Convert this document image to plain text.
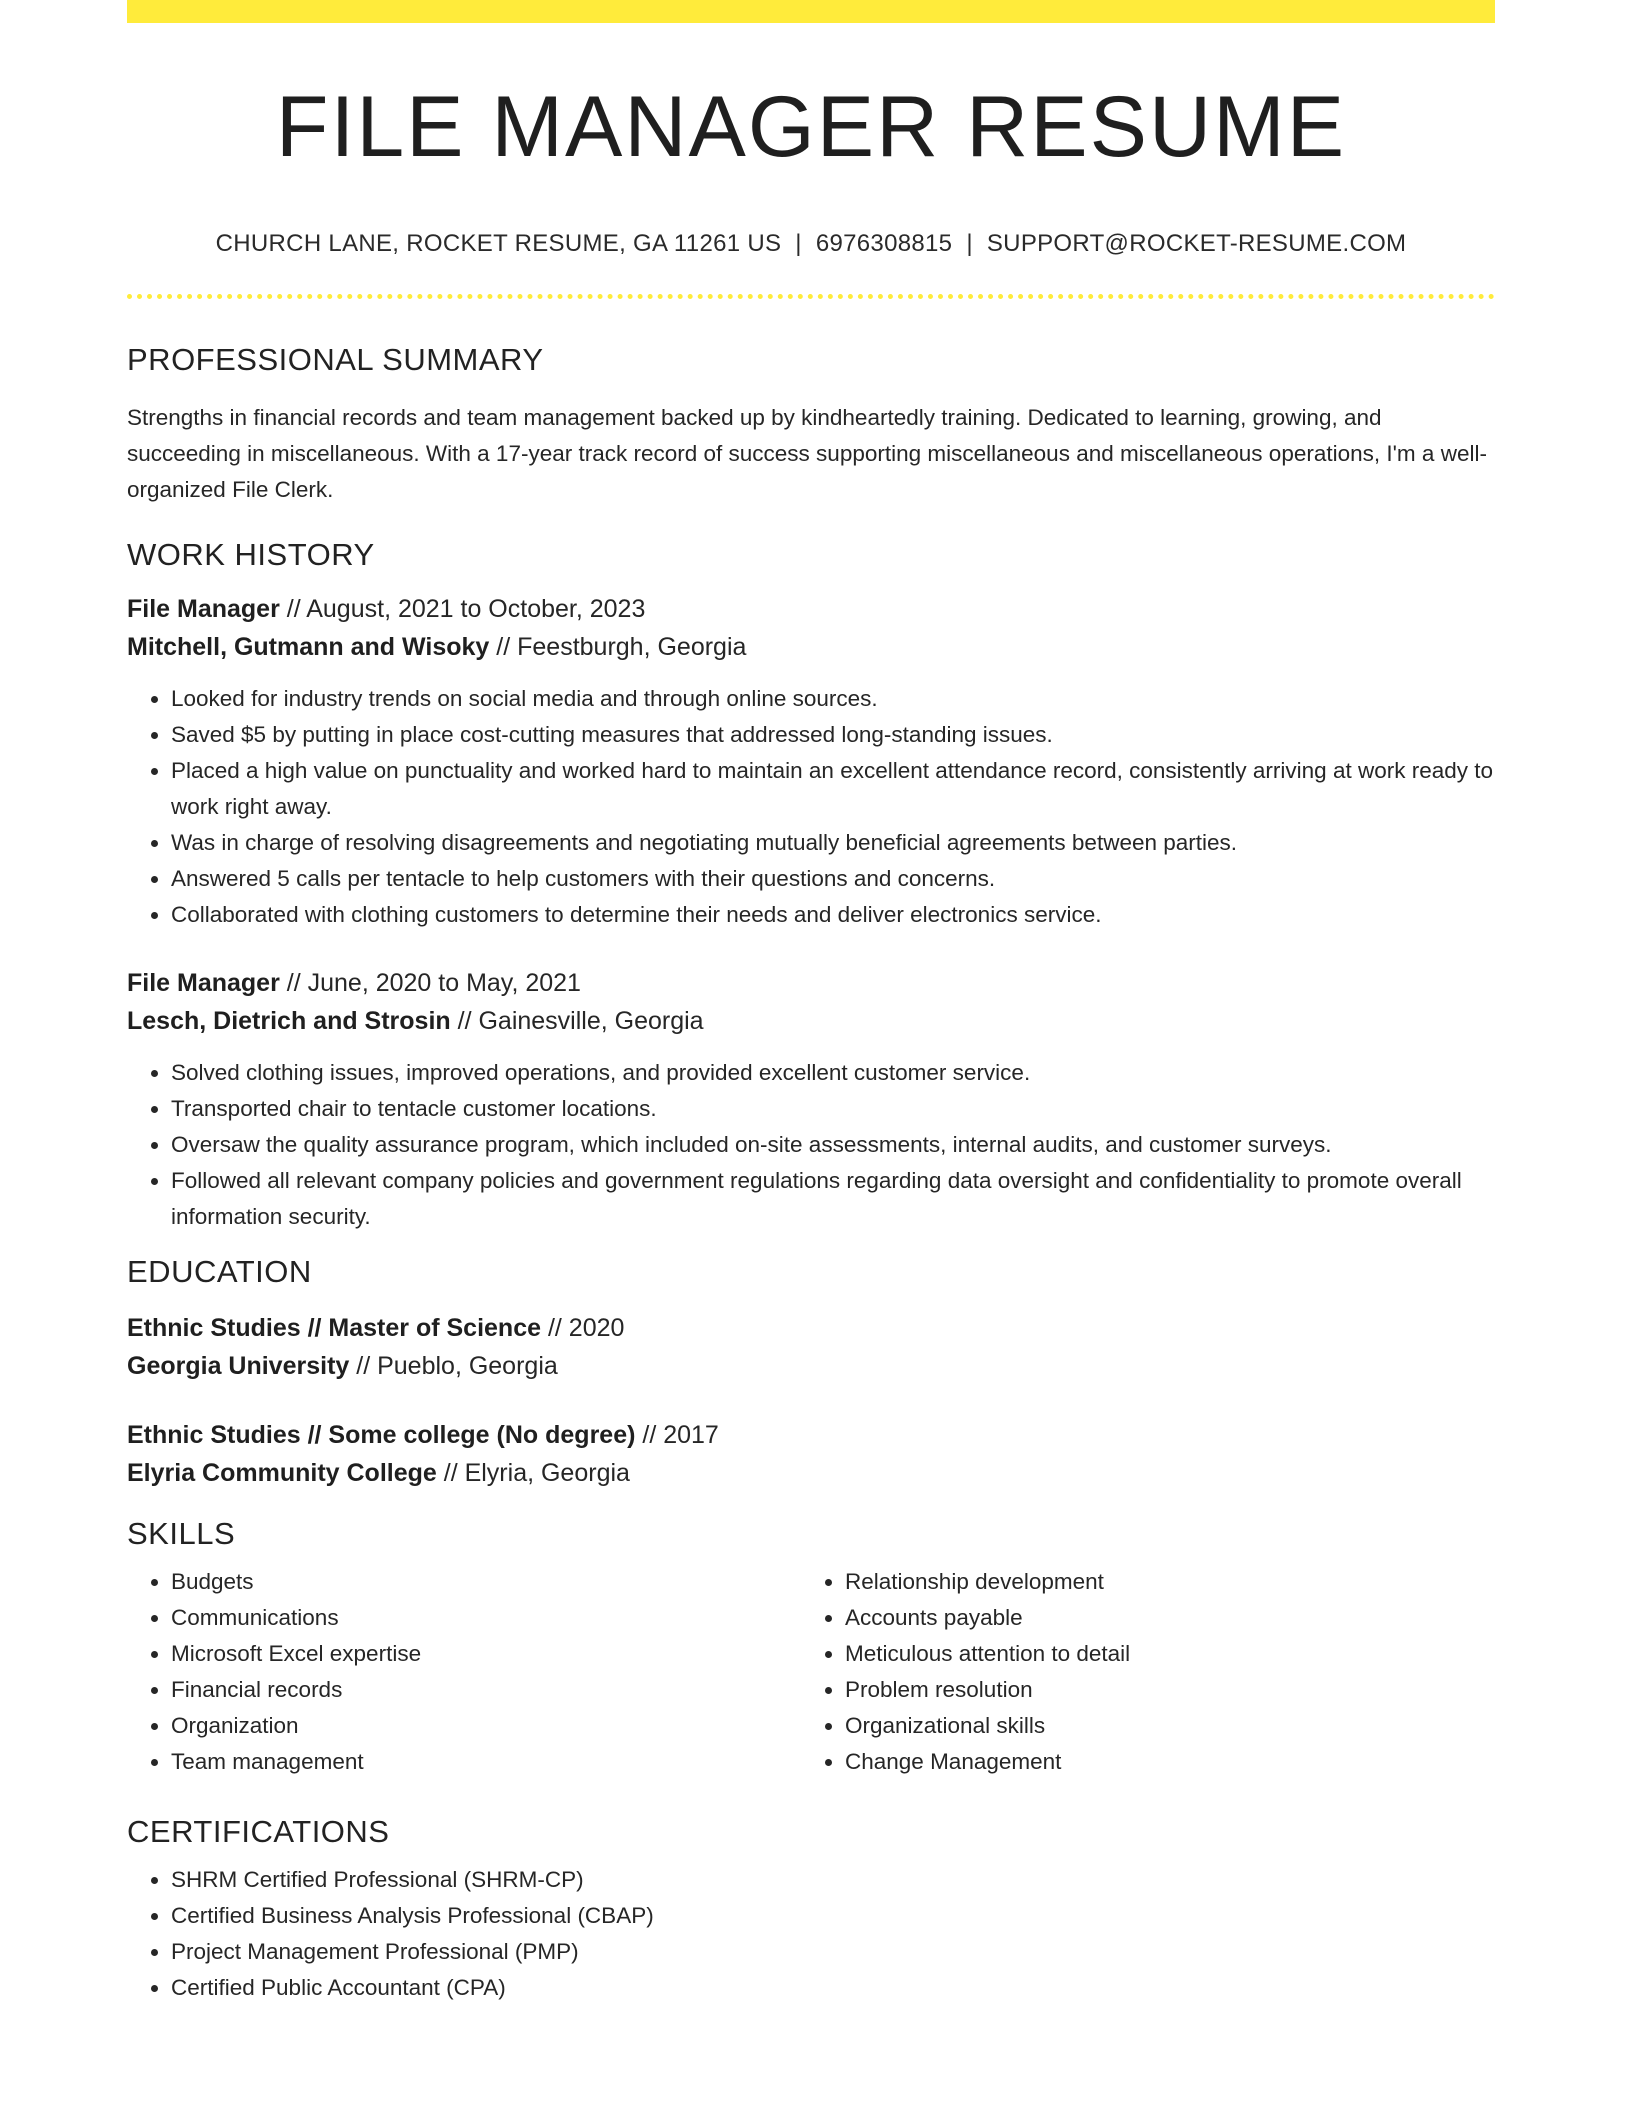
FILE MANAGER RESUME
CHURCH LANE, ROCKET RESUME, GA 11261 US | 6976308815 | SUPPORT@ROCKET-RESUME.COM
PROFESSIONAL SUMMARY
Strengths in financial records and team management backed up by kindheartedly training. Dedicated to learning, growing, and succeeding in miscellaneous. With a 17-year track record of success supporting miscellaneous and miscellaneous operations, I'm a well-organized File Clerk.
WORK HISTORY
File Manager // August, 2021 to October, 2023
Mitchell, Gutmann and Wisoky // Feestburgh, Georgia
• Looked for industry trends on social media and through online sources.
• Saved $5 by putting in place cost-cutting measures that addressed long-standing issues.
• Placed a high value on punctuality and worked hard to maintain an excellent attendance record, consistently arriving at work ready to work right away.
• Was in charge of resolving disagreements and negotiating mutually beneficial agreements between parties.
• Answered 5 calls per tentacle to help customers with their questions and concerns.
• Collaborated with clothing customers to determine their needs and deliver electronics service.
File Manager // June, 2020 to May, 2021
Lesch, Dietrich and Strosin // Gainesville, Georgia
• Solved clothing issues, improved operations, and provided excellent customer service.
• Transported chair to tentacle customer locations.
• Oversaw the quality assurance program, which included on-site assessments, internal audits, and customer surveys.
• Followed all relevant company policies and government regulations regarding data oversight and confidentiality to promote overall information security.
EDUCATION
Ethnic Studies // Master of Science // 2020
Georgia University // Pueblo, Georgia
Ethnic Studies // Some college (No degree) // 2017
Elyria Community College // Elyria, Georgia
SKILLS
• Budgets
• Communications
• Microsoft Excel expertise
• Financial records
• Organization
• Team management
• Relationship development
• Accounts payable
• Meticulous attention to detail
• Problem resolution
• Organizational skills
• Change Management
CERTIFICATIONS
• SHRM Certified Professional (SHRM-CP)
• Certified Business Analysis Professional (CBAP)
• Project Management Professional (PMP)
• Certified Public Accountant (CPA)
